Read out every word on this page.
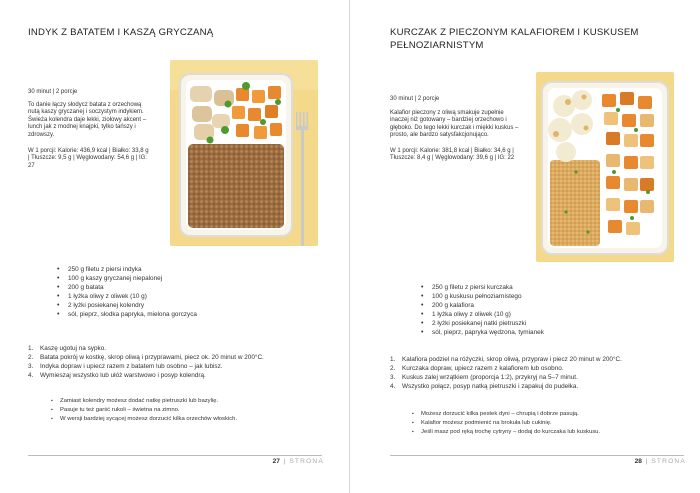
INDYK Z BATATEM I KASZĄ GRYCZANĄ
30 minut | 2 porcje
To danie łączy słodycz batata z orzechową
nutą kaszy gryczanej i soczystym indykiem.
Świeża kolendra daje lekki, ziołowy akcent –
lunch jak z modnej knajpki, tylko tańszy i
zdrowszy.
W 1 porcji: Kalorie: 436,9 kcal | Białko: 33,8 g
| Tłuszcze: 9,5 g | Węglowodany: 54,6 g | IG:
27
• 250 g filetu z piersi indyka
• 100 g kaszy gryczanej niepalonej
• 200 g batata
• 1 łyżka oliwy z oliwek (10 g)
• 2 łyżki posiekanej kolendry
• sól, pieprz, słodka papryka, mielona gorczyca
1. Kaszę ugotuj na sypko.
2. Batata pokrój w kostkę, skrop oliwą i przyprawami, piecz ok. 20 minut w 200°C.
3. Indyka dopraw i upiecz razem z batatem lub osobno – jak lubisz.
4. Wymieszaj wszystko lub ułóż warstwowo i posyp kolendrą.
▪ Zamiast kolendry możesz dodać natkę pietruszki lub bazylię.
▪ Pasuje tu też garść rukoli – świetna na zimno.
▪ W wersji bardziej sycącej możesz dorzucić kilka orzechów włoskich.
27 | STRONA
KURCZAK Z PIECZONYM KALAFIOREM I KUSKUSEM
PEŁNOZIARNISTYM
30 minut | 2 porcje
Kalafior pieczony z oliwą smakuje zupełnie
inaczej niż gotowany – bardziej orzechowo i
głęboko. Do tego lekki kurczak i miękki kuskus –
prosto, ale bardzo satysfakcjonująco.
W 1 porcji: Kalorie: 381,8 kcal | Białko: 34,6 g |
Tłuszcze: 8,4 g | Węglowodany: 39,6 g | IG: 22
• 250 g filetu z piersi kurczaka
• 100 g kuskusu pełnoziarnistego
• 200 g kalafiora
• 1 łyżka oliwy z oliwek (10 g)
• 2 łyżki posiekanej natki pietruszki
• sól, pieprz, papryka wędzona, tymianek
1. Kalafiora podziel na różyczki, skrop oliwą, przypraw i piecz 20 minut w 200°C.
2. Kurczaka dopraw, upiecz razem z kalafiorem lub osobno.
3. Kuskus zalej wrzątkiem (proporcja 1:2), przykryj na 5–7 minut.
4. Wszystko połącz, posyp natką pietruszki i zapakuj do pudełka.
▪ Możesz dorzucić kilka pestek dyni – chrupią i dobrze pasują.
▪ Kalafior możesz podmienić na brokuła lub cukinię.
▪ Jeśli masz pod ręką trochę cytryny – dodaj do kurczaka lub kuskusu.
28 | STRONA
